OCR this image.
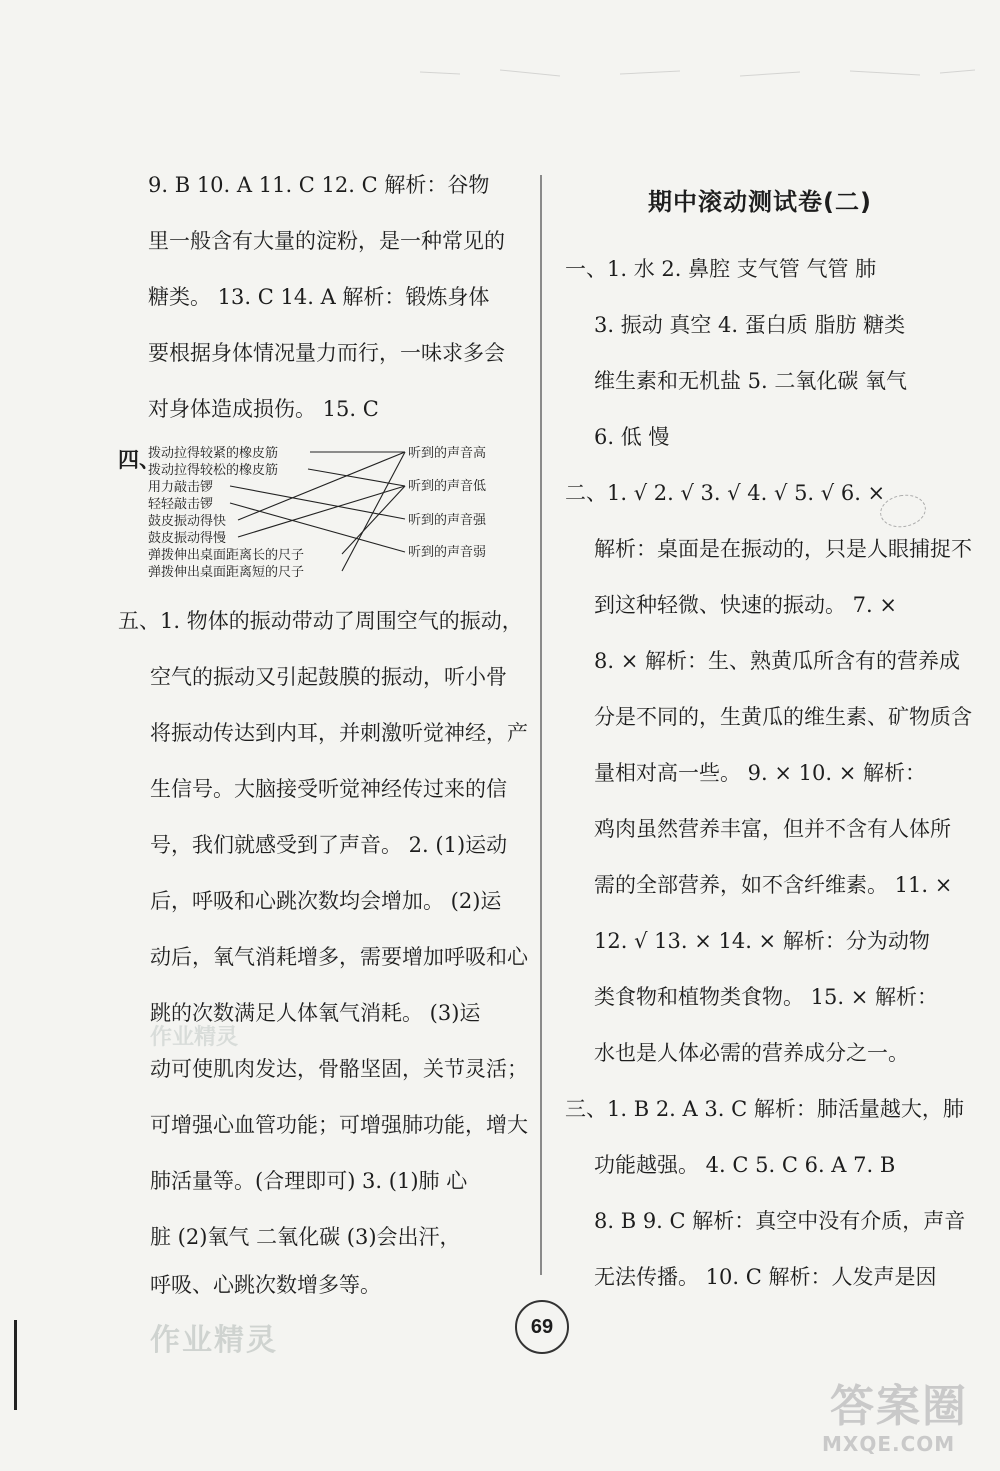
9. B 10. A 11. C 12. C 解析：谷物
里一般含有大量的淀粉，是一种常见的
糖类。 13. C 14. A 解析：锻炼身体
要根据身体情况量力而行，一味求多会
对身体造成损伤。 15. C
四、
拨动拉得较紧的橡皮筋
拨动拉得较松的橡皮筋
用力敲击锣
轻轻敲击锣
鼓皮振动得快
鼓皮振动得慢
弹拨伸出桌面距离长的尺子
弹拨伸出桌面距离短的尺子
听到的声音高
听到的声音低
听到的声音强
听到的声音弱
五、1. 物体的振动带动了周围空气的振动，
空气的振动又引起鼓膜的振动，听小骨
将振动传达到内耳，并刺激听觉神经，产
生信号。大脑接受听觉神经传过来的信
号，我们就感受到了声音。 2. (1)运动
后，呼吸和心跳次数均会增加。 (2)运
动后，氧气消耗增多，需要增加呼吸和心
跳的次数满足人体氧气消耗。 (3)运
动可使肌肉发达，骨骼坚固，关节灵活；
可增强心血管功能；可增强肺功能，增大
肺活量等。(合理即可) 3. (1)肺 心
脏 (2)氧气 二氧化碳 (3)会出汗，
呼吸、心跳次数增多等。
作业精灵
期中滚动测试卷(二)
一、1. 水 2. 鼻腔 支气管 气管 肺
3. 振动 真空 4. 蛋白质 脂肪 糖类
维生素和无机盐 5. 二氧化碳 氧气
6. 低 慢
二、1. √ 2. √ 3. √ 4. √ 5. √ 6. ×
解析：桌面是在振动的，只是人眼捕捉不
到这种轻微、快速的振动。 7. ×
8. × 解析：生、熟黄瓜所含有的营养成
分是不同的，生黄瓜的维生素、矿物质含
量相对高一些。 9. × 10. × 解析：
鸡肉虽然营养丰富，但并不含有人体所
需的全部营养，如不含纤维素。 11. ×
12. √ 13. × 14. × 解析：分为动物
类食物和植物类食物。 15. × 解析：
水也是人体必需的营养成分之一。
三、1. B 2. A 3. C 解析：肺活量越大，肺
功能越强。 4. C 5. C 6. A 7. B
8. B 9. C 解析：真空中没有介质，声音
无法传播。 10. C 解析：人发声是因
69
作业精灵
答案圈
MXQE.COM
